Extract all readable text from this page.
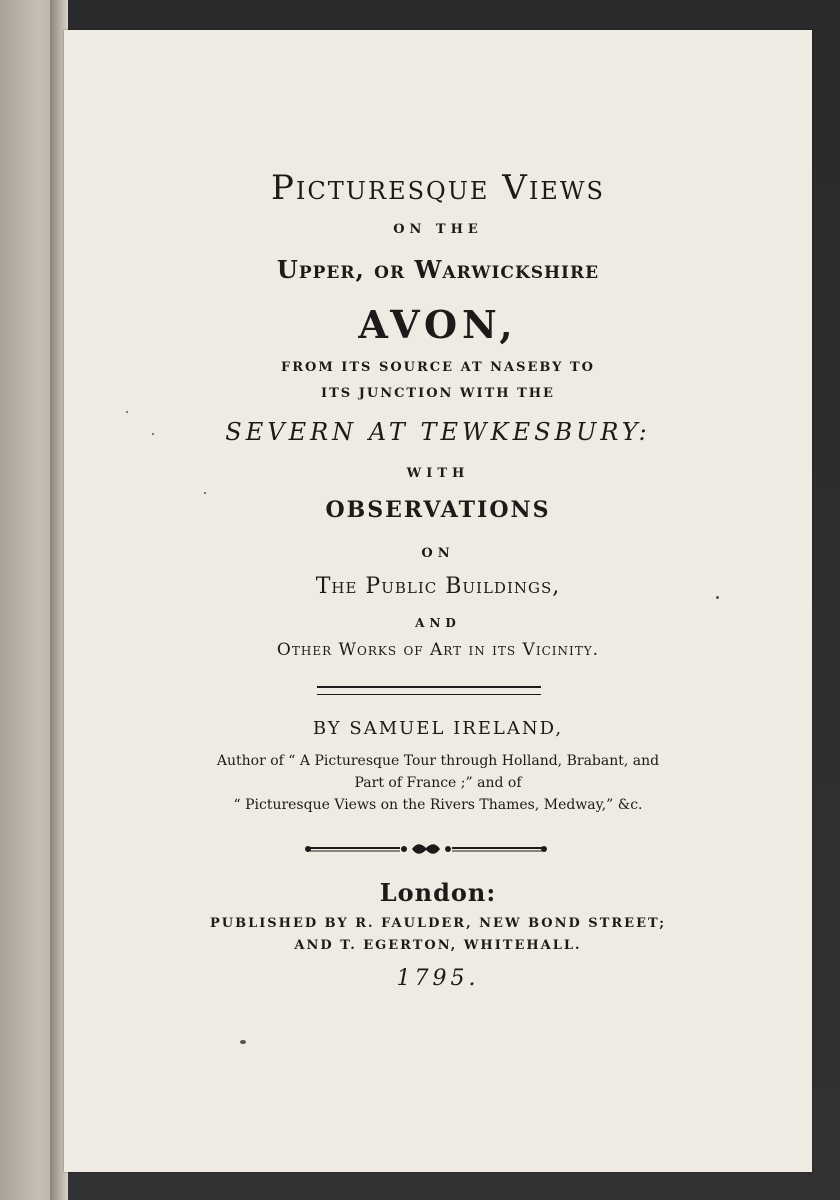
Picturesque Views
ON THE
Upper, or Warwickshire
AVON,
FROM ITS SOURCE AT NASEBY TO
ITS JUNCTION WITH THE
SEVERN AT TEWKESBURY:
WITH
OBSERVATIONS
ON
The Public Buildings,
AND
Other Works of Art in its Vicinity.
BY SAMUEL IRELAND,
Author of “ A Picturesque Tour through Holland, Brabant, and
Part of France ;” and of
“ Picturesque Views on the Rivers Thames, Medway,” &c.
London:
PUBLISHED BY R. FAULDER, NEW BOND STREET;
AND T. EGERTON, WHITEHALL.
1795.
